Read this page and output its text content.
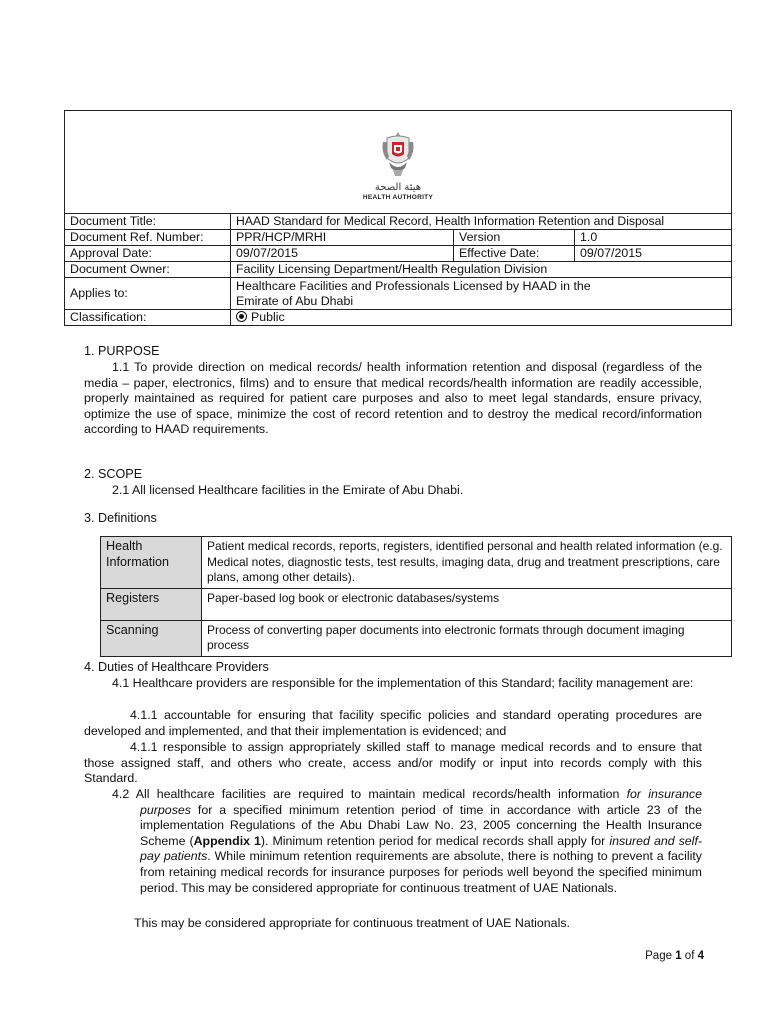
هيئة الصحة
HEALTH AUTHORITY			

Document Title:	HAAD Standard for Medical Record, Health Information Retention and Disposal		
Document Ref. Number:	PPR/HCP/MRHI	Version	1.0
Approval Date:	09/07/2015	Effective Date:	09/07/2015
Document Owner:	Facility Licensing Department/Health Regulation Division		
Applies to:	Healthcare Facilities and Professionals Licensed by HAAD in the
Emirate of Abu Dhabi		

Classification:	Public		
1. PURPOSE
1.1 To provide direction on medical records/ health information retention and disposal (regardless of the media – paper, electronics, films) and to ensure that medical records/health information are readily accessible, properly maintained as required for patient care purposes and also to meet legal standards, ensure privacy, optimize the use of space, minimize the cost of record retention and to destroy the medical record/information according to HAAD requirements.
2. SCOPE
2.1 All licensed Healthcare facilities in the Emirate of Abu Dhabi.
3. Definitions
Health
Information	Patient medical records, reports, registers, identified personal and health related information (e.g. Medical notes, diagnostic tests, test results, imaging data, drug and treatment prescriptions, care plans, among other details).
Registers	Paper-based log book or electronic databases/systems
Scanning	Process of converting paper documents into electronic formats through document imaging process
4. Duties of Healthcare Providers
4.1 Healthcare providers are responsible for the implementation of this Standard; facility management are:
4.1.1 accountable for ensuring that facility specific policies and standard operating procedures are developed and implemented, and that their implementation is evidenced; and
4.1.1 responsible to assign appropriately skilled staff to manage medical records and to ensure that those assigned staff, and others who create, access and/or modify or input into records comply with this Standard.
4.2 All healthcare facilities are required to maintain medical records/health information for insurance purposes for a specified minimum retention period of time in accordance with article 23 of the implementation Regulations of the Abu Dhabi Law No. 23, 2005 concerning the Health Insurance Scheme (Appendix 1). Minimum retention period for medical records shall apply for insured and self-pay patients. While minimum retention requirements are absolute, there is nothing to prevent a facility from retaining medical records for insurance purposes for periods well beyond the specified minimum period. This may be considered appropriate for continuous treatment of UAE Nationals.
This may be considered appropriate for continuous treatment of UAE Nationals.
Page 1 of 4
